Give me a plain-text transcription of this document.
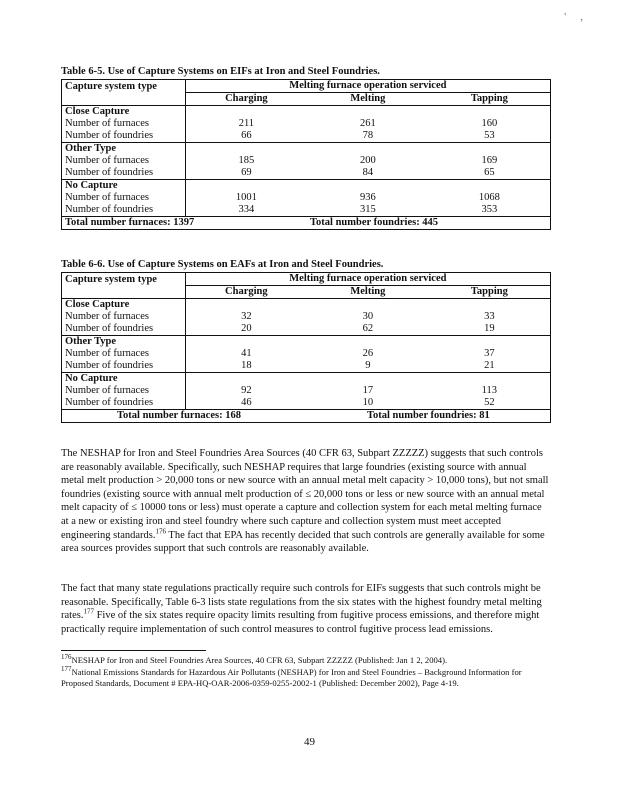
' ,
Table 6-5. Use of Capture Systems on EIFs at Iron and Steel Foundries.
Capture system type	Melting furnace operation serviced		
	Charging	Melting	Tapping
Close Capture			
Number of furnaces	211	261	160
Number of foundries	66	78	53
Other Type			
Number of furnaces	185	200	169
Number of foundries	69	84	65
No Capture			
Number of furnaces	1001	936	1068
Number of foundries	334	315	353
Total number furnaces: 1397		Total number foundries: 445	
Table 6-6. Use of Capture Systems on EAFs at Iron and Steel Foundries.
Capture system type	Melting furnace operation serviced		
	Charging	Melting	Tapping
Close Capture			
Number of furnaces	32	30	33
Number of foundries	20	62	19
Other Type			
Number of furnaces	41	26	37
Number of foundries	18	9	21
No Capture			
Number of furnaces	92	17	113
Number of foundries	46	10	52
Total number furnaces: 168		Total number foundries: 81	

The NESHAP for Iron and Steel Foundries Area Sources (40 CFR 63, Subpart ZZZZZ) suggests that such controls are reasonably available. Specifically, such NESHAP requires that large foundries (existing source with annual metal melt production > 20,000 tons or new source with an annual metal melt capacity > 10,000 tons), but not small foundries (existing source with annual melt production of ≤ 20,000 tons or less or new source with an annual metal melt capacity of ≤ 10000 tons or less) must operate a capture and collection system for each metal melting furnace at a new or existing iron and steel foundry where such capture and collection system must meet accepted engineering standards.$^{176}$ The fact that EPA has recently decided that such controls are generally available for some area sources provides support that such controls are reasonably available.

The fact that many state regulations practically require such controls for EIFs suggests that such controls might be reasonable. Specifically, Table 6-3 lists state regulations from the six states with the highest foundry metal melting rates.$^{177}$ Five of the six states require opacity limits resulting from fugitive process emissions, and therefore might practically require implementation of such control measures to control fugitive process lead emissions.

$^{176}$NESHAP for Iron and Steel Foundries Area Sources, 40 CFR 63, Subpart ZZZZZ (Published: Jan 1 2, 2004).

$^{177}$National Emissions Standards for Hazardous Air Pollutants (NESHAP) for Iron and Steel Foundries – Background Information for Proposed Standards, Document # EPA-HQ-OAR-2006-0359-0255-2002-1 (Published: December 2002), Page 4-19.

49
